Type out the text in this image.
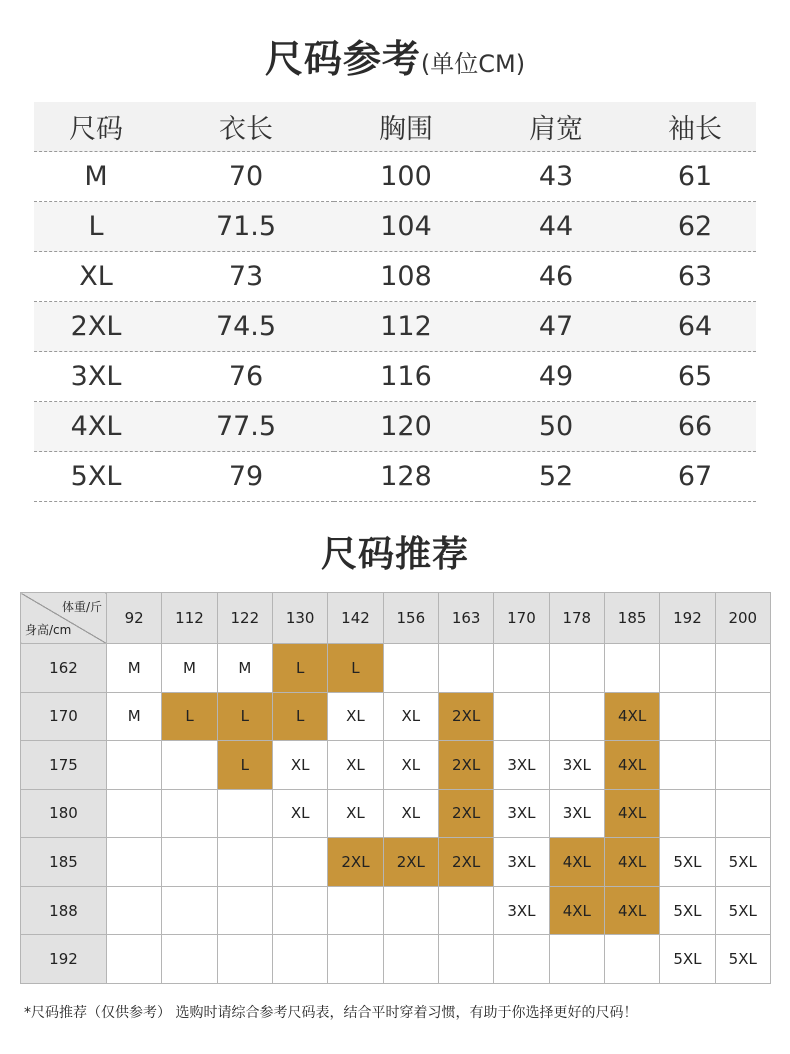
尺码参考(单位CM)
尺码	衣长	胸围	肩宽	袖长
M	70	100	43	61
L	71.5	104	44	62
XL	73	108	46	63
2XL	74.5	112	47	64
3XL	76	116	49	65
4XL	77.5	120	50	66
5XL	79	128	52	67
尺码推荐
体重/斤
身高/cm	92	112	122	130	142	156	163	170	178	185	192	200
162	M	M	M	L	L							
170	M	L	L	L	XL	XL	2XL			4XL		
175			L	XL	XL	XL	2XL	3XL	3XL	4XL		
180				XL	XL	XL	2XL	3XL	3XL	4XL		
185					2XL	2XL	2XL	3XL	4XL	4XL	5XL	5XL
188								3XL	4XL	4XL	5XL	5XL
192											5XL	5XL
*尺码推荐（仅供参考） 选购时请综合参考尺码表，结合平时穿着习惯，有助于你选择更好的尺码！
